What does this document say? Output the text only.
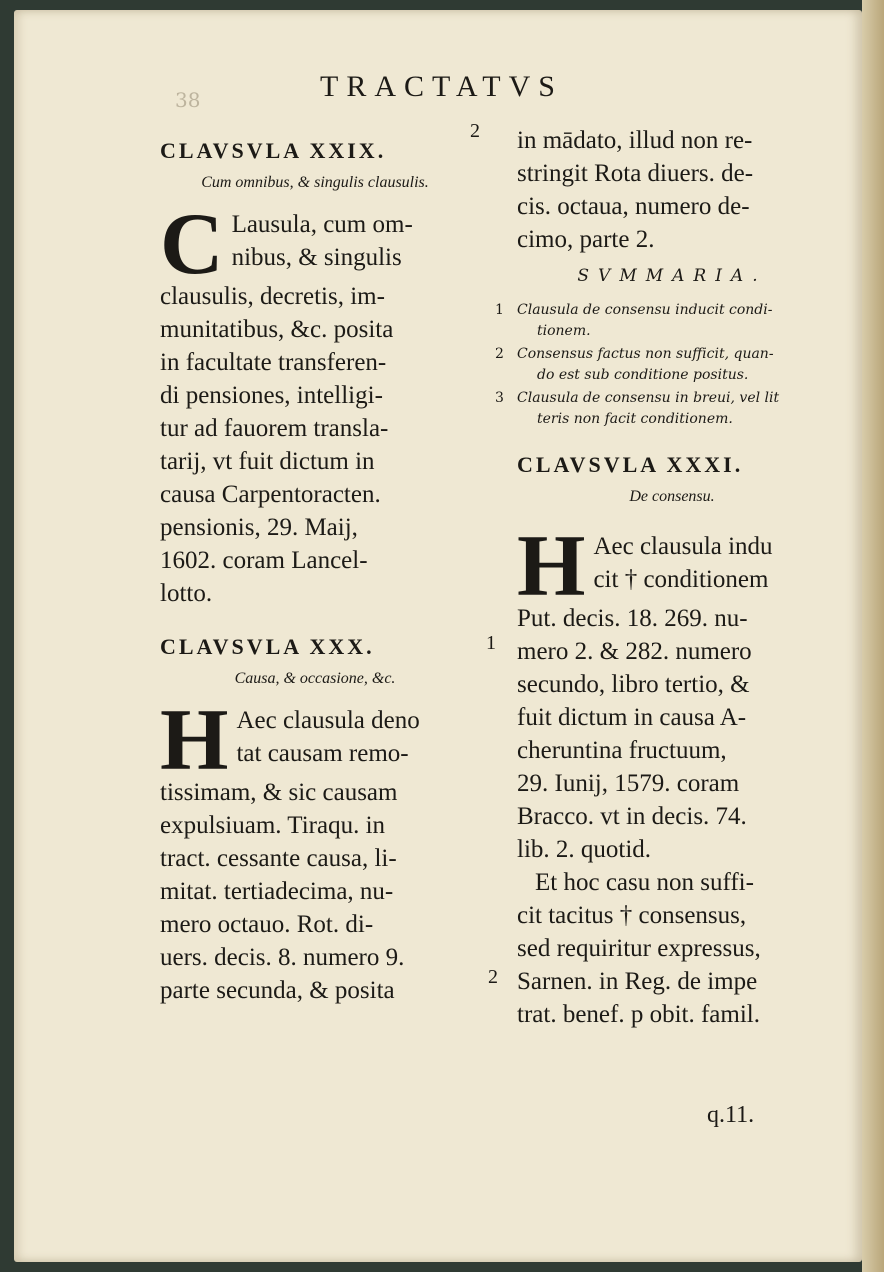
38	TRACTATVS
2
CLAVSVLA XXIX.
Cum omnibus, & singulis clausulis.
C Lausula, cum om-
nibus, & singulis
clausulis, decretis, im-
munitatibus, &c. posita
in facultate transferen-
di pensiones, intelligi-
tur ad fauorem transla-
tarij, vt fuit dictum in
causa Carpentoracten.
pensionis, 29. Maij,
1602. coram Lancel-
lotto.
CLAVSVLA XXX.
Causa, & occasione, &c.
H Aec clausula deno
tat causam remo-
tissimam, & sic causam
expulsiuam. Tiraqu. in
tract. cessante causa, li-
mitat. tertiadecima, nu-
mero octauo. Rot. di-
uers. decis. 8. numero 9.
parte secunda, & posita
in mādato, illud non re-
stringit Rota diuers. de-
cis. octaua, numero de-
cimo, parte 2.
SVMMARIA.
1 Clausula de consensu inducit condi-
tionem.
2 Consensus factus non sufficit, quan-
do est sub conditione positus.
3 Clausula de consensu in breui, vel lit
teris non facit conditionem.
CLAVSVLA XXXI.
De consensu.
H Aec clausula indu
cit † conditionem
Put. decis. 18. 269. nu-
mero 2. & 282. numero
secundo, libro tertio, &
fuit dictum in causa A-
cheruntina fructuum,
29. Iunij, 1579. coram
Bracco. vt in decis. 74.
lib. 2. quotid.
Et hoc casu non suffi-
cit tacitus † consensus,
sed requiritur expressus,
Sarnen. in Reg. de impe
trat. benef. p obit. famil.
1
2
q.11.
